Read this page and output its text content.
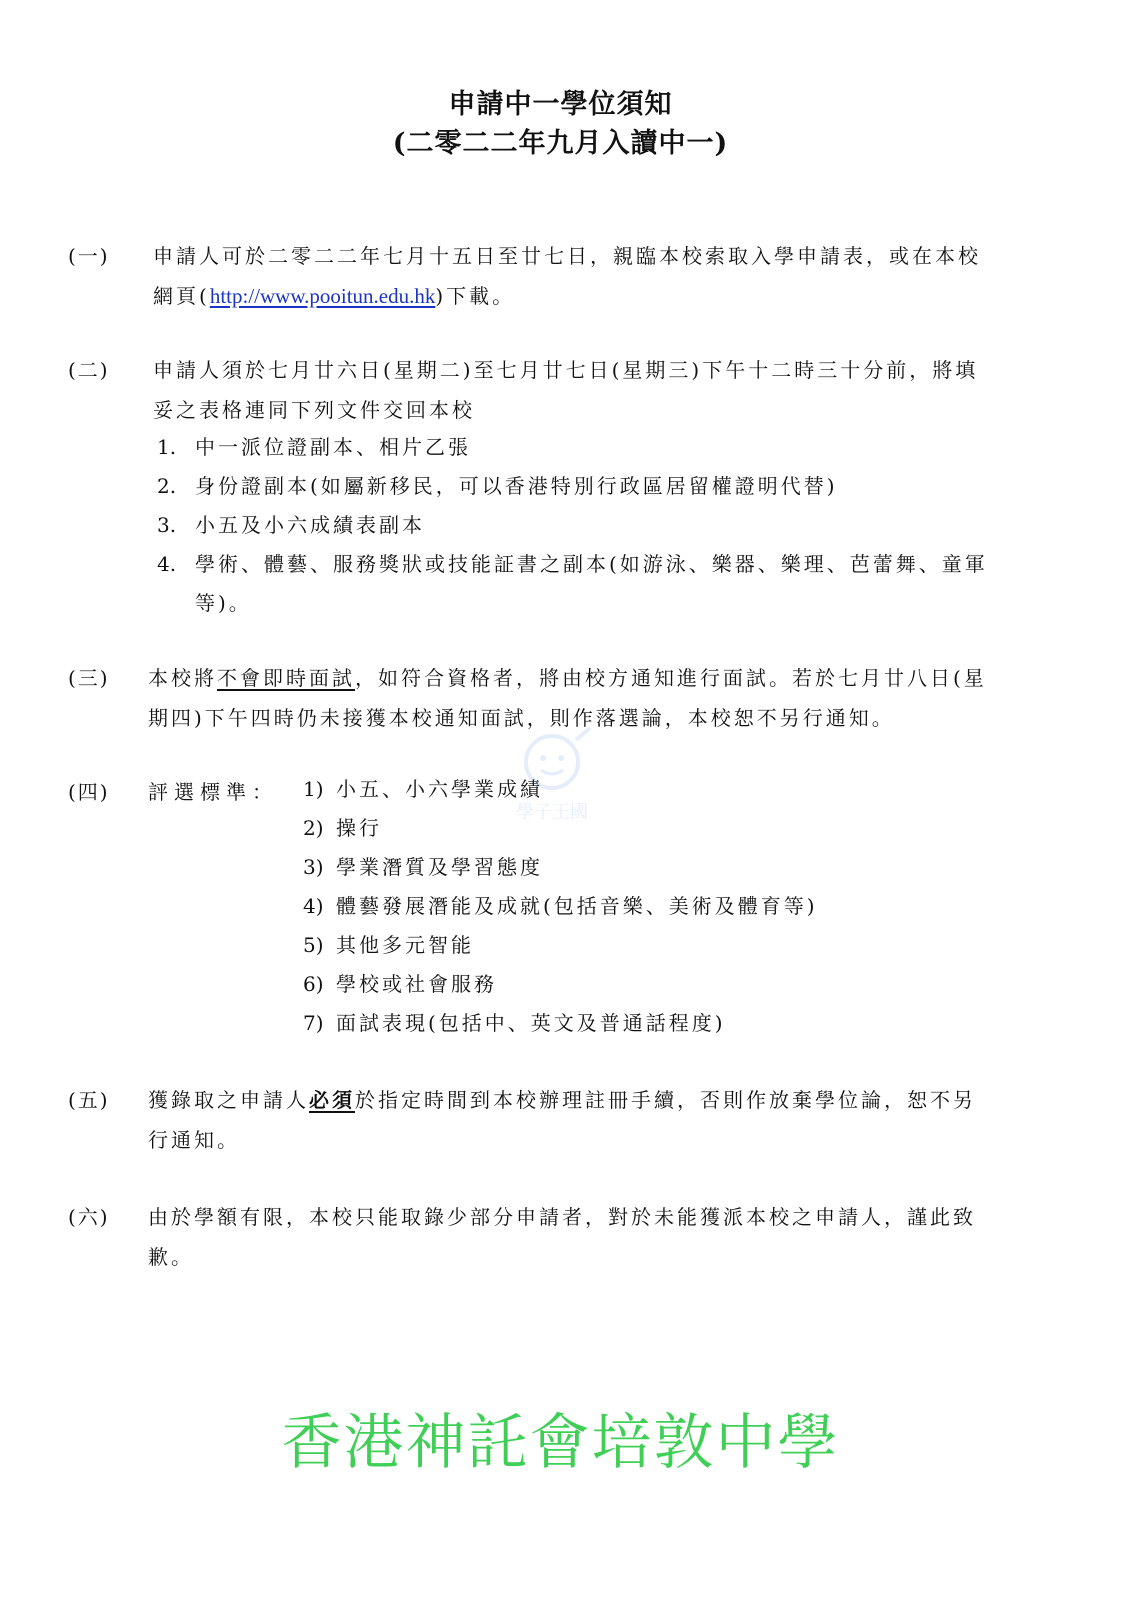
申請中一學位須知
(二零二二年九月入讀中一)
(一) 申請人可於二零二二年七月十五日至廿七日，親臨本校索取入學申請表，或在本校
網頁(http://www.pooitun.edu.hk)下載。
(二) 申請人須於七月廿六日(星期二)至七月廿七日(星期三)下午十二時三十分前，將填
妥之表格連同下列文件交回本校
1. 中一派位證副本、相片乙張
2. 身份證副本(如屬新移民，可以香港特別行政區居留權證明代替)
3. 小五及小六成績表副本
4. 學術、體藝、服務獎狀或技能証書之副本(如游泳、樂器、樂理、芭蕾舞、童軍
等)。
(三) 本校將不會即時面試，如符合資格者，將由校方通知進行面試。若於七月廿八日(星
期四)下午四時仍未接獲本校通知面試，則作落選論，本校恕不另行通知。
(四) 評選標準： 1) 小五、小六學業成績
2) 操行
3) 學業潛質及學習態度
4) 體藝發展潛能及成就(包括音樂、美術及體育等)
5) 其他多元智能
6) 學校或社會服務
7) 面試表現(包括中、英文及普通話程度)
(五) 獲錄取之申請人必須於指定時間到本校辦理註冊手續，否則作放棄學位論，恕不另
行通知。
(六) 由於學額有限，本校只能取錄少部分申請者，對於未能獲派本校之申請人，謹此致
歉。
學子王國
香港神託會培敦中學
